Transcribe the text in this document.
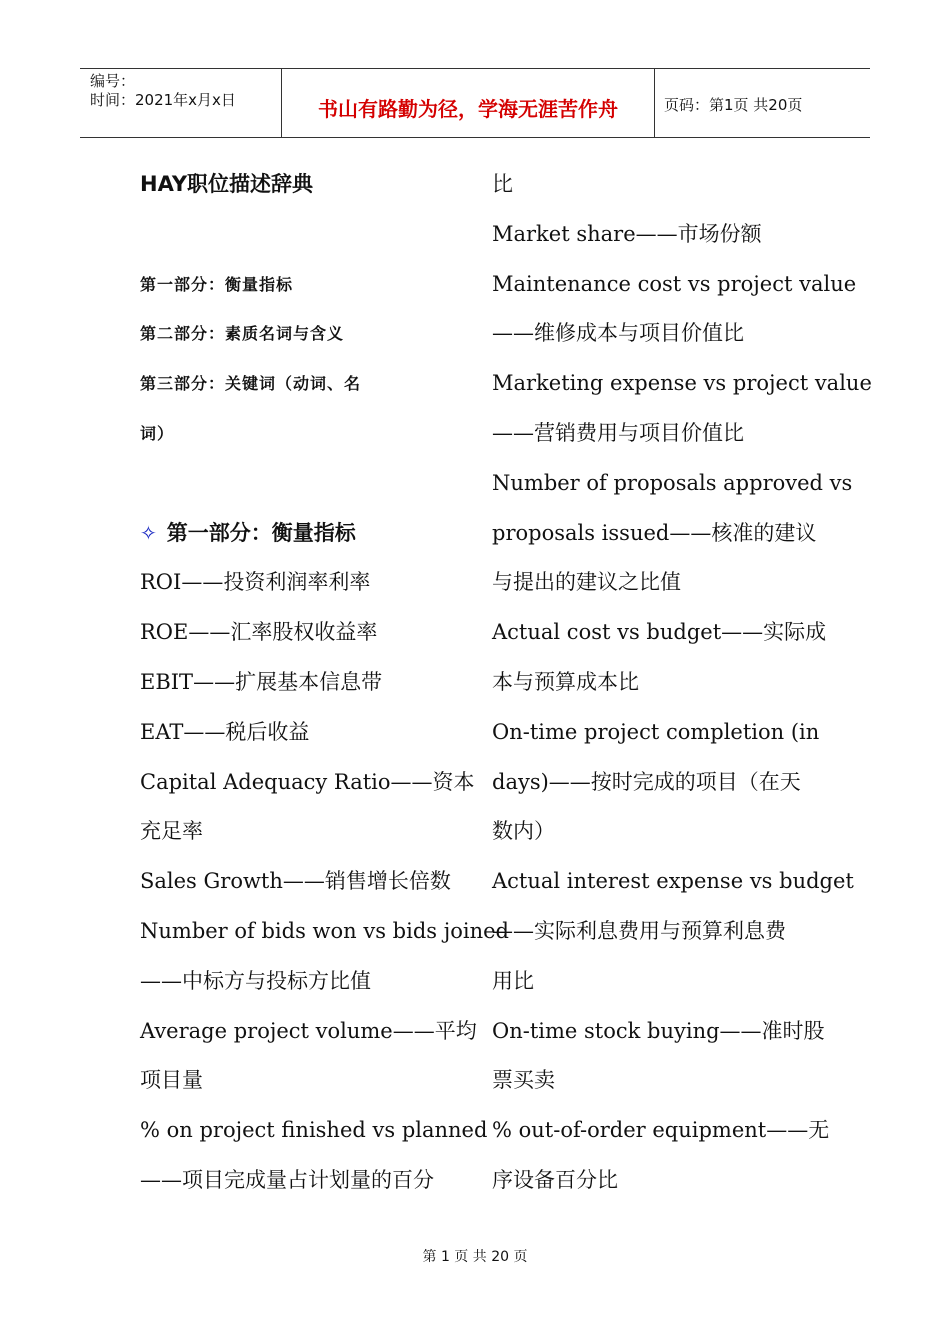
编号：
时间：2021年x月x日	书山有路勤为径，学海无涯苦作舟	页码：第1页 共20页
HAY职位描述辞典
第一部分：衡量指标
第二部分：素质名词与含义
第三部分：关键词（动词、名
词）
✧ 第一部分：衡量指标
ROI——投资利润率利率
ROE——汇率股权收益率
EBIT——扩展基本信息带
EAT——税后收益
Capital Adequacy Ratio——资本
充足率
Sales Growth——销售增长倍数
Number of bids won vs bids joined
——中标方与投标方比值
Average project volume——平均
项目量
% on project finished vs planned
——项目完成量占计划量的百分
比
Market share——市场份额
Maintenance cost vs project value
——维修成本与项目价值比
Marketing expense vs project value
——营销费用与项目价值比
Number of proposals approved vs
proposals issued——核准的建议
与提出的建议之比值
Actual cost vs budget——实际成
本与预算成本比
On-time project completion (in
days)——按时完成的项目（在天
数内）
Actual interest expense vs budget
——实际利息费用与预算利息费
用比
On-time stock buying——准时股
票买卖
% out-of-order equipment——无
序设备百分比
第 1 页 共 20 页
